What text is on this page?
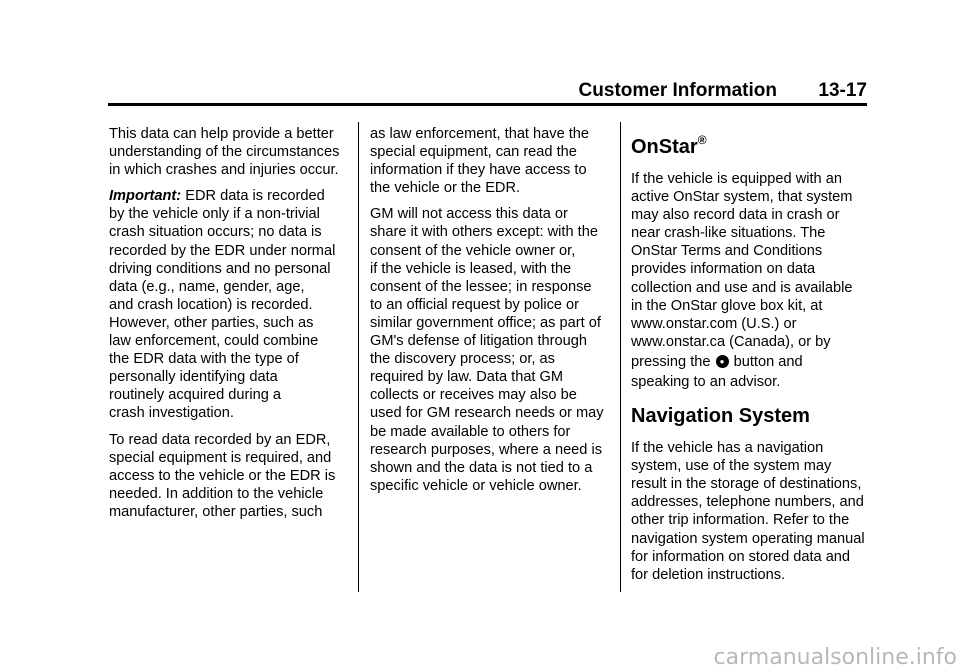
Customer Information 13-17
This data can help provide a better
understanding of the circumstances
in which crashes and injuries occur.
Important: EDR data is recorded
by the vehicle only if a non-trivial
crash situation occurs; no data is
recorded by the EDR under normal
driving conditions and no personal
data (e.g., name, gender, age,
and crash location) is recorded.
However, other parties, such as
law enforcement, could combine
the EDR data with the type of
personally identifying data
routinely acquired during a
crash investigation.
To read data recorded by an EDR,
special equipment is required, and
access to the vehicle or the EDR is
needed. In addition to the vehicle
manufacturer, other parties, such
as law enforcement, that have the
special equipment, can read the
information if they have access to
the vehicle or the EDR.
GM will not access this data or
share it with others except: with the
consent of the vehicle owner or,
if the vehicle is leased, with the
consent of the lessee; in response
to an official request by police or
similar government office; as part of
GM's defense of litigation through
the discovery process; or, as
required by law. Data that GM
collects or receives may also be
used for GM research needs or may
be made available to others for
research purposes, where a need is
shown and the data is not tied to a
specific vehicle or vehicle owner.
OnStar®
If the vehicle is equipped with an
active OnStar system, that system
may also record data in crash or
near crash-like situations. The
OnStar Terms and Conditions
provides information on data
collection and use and is available
in the OnStar glove box kit, at
www.onstar.com (U.S.) or
www.onstar.ca (Canada), or by
pressing the ● button and
speaking to an advisor.
Navigation System
If the vehicle has a navigation
system, use of the system may
result in the storage of destinations,
addresses, telephone numbers, and
other trip information. Refer to the
navigation system operating manual
for information on stored data and
for deletion instructions.
carmanualsonline.info
